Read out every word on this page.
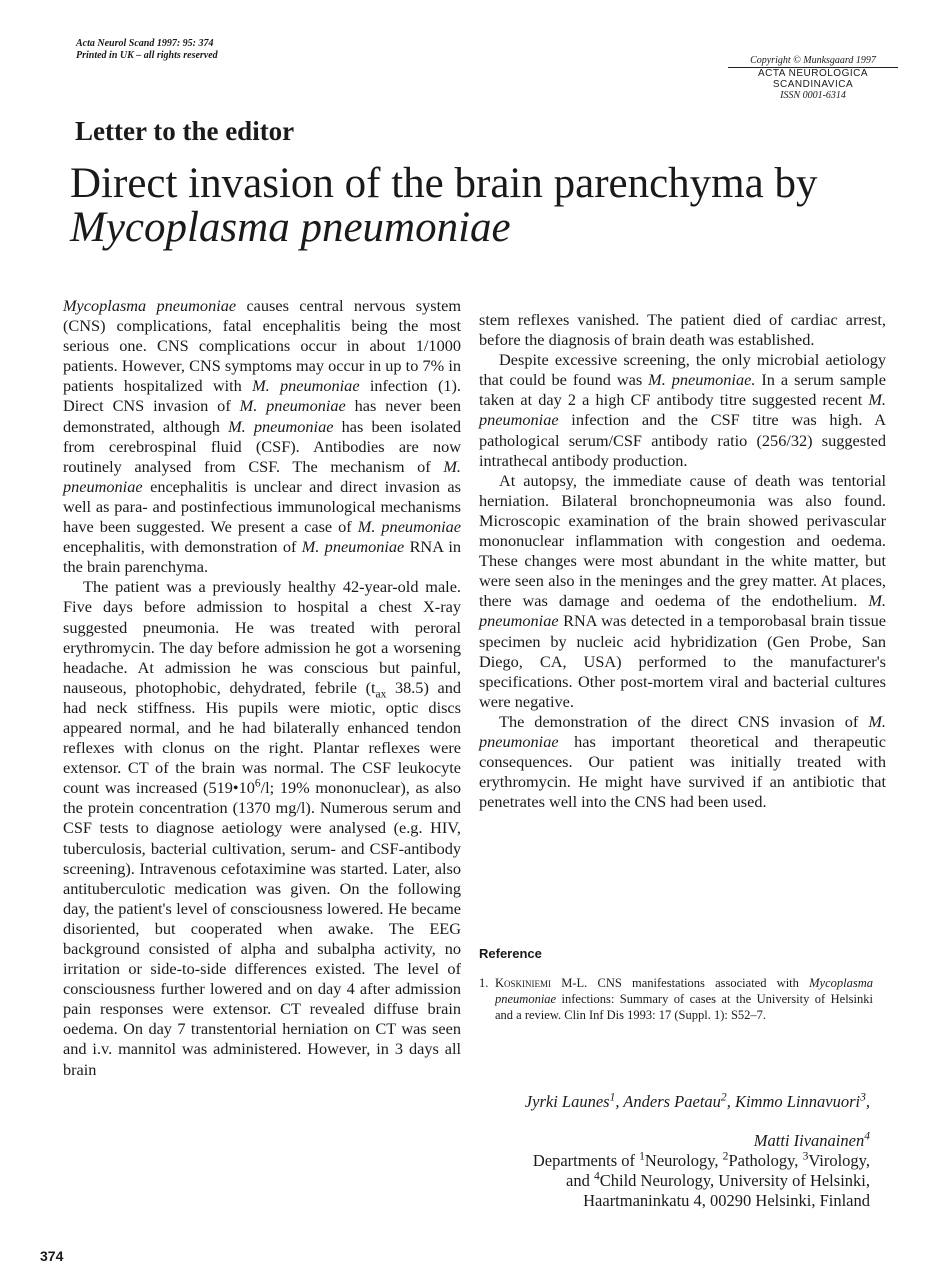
Acta Neurol Scand 1997: 95: 374
Printed in UK – all rights reserved	Copyright © Munksgaard 1997
ACTA NEUROLOGICA
SCANDINAVICA
ISSN 0001-6314
Letter to the editor
Direct invasion of the brain parenchyma by
Mycoplasma pneumoniae

Mycoplasma pneumoniae causes central nervous system (CNS) complications, fatal encephalitis being the most serious one. CNS complications occur in about 1/1000 patients. However, CNS symptoms may occur in up to 7% in patients hospitalized with M. pneumoniae infection (1). Direct CNS invasion of M. pneumoniae has never been demonstrated, although M. pneumoniae has been isolated from cerebrospinal fluid (CSF). Antibodies are now routinely analysed from CSF. The mechanism of M. pneumoniae encephalitis is unclear and direct invasion as well as para- and postinfectious immunological mechanisms have been suggested. We present a case of M. pneumoniae encephalitis, with demonstration of M. pneumoniae RNA in the brain parenchyma.

The patient was a previously healthy 42-year-old male. Five days before admission to hospital a chest X-ray suggested pneumonia. He was treated with peroral erythromycin. The day before admission he got a worsening headache. At admission he was conscious but painful, nauseous, photophobic, dehydrated, febrile ($t_{ax}$ 38.5) and had neck stiffness. His pupils were miotic, optic discs appeared normal, and he had bilaterally enhanced tendon reflexes with clonus on the right. Plantar reflexes were extensor. CT of the brain was normal. The CSF leukocyte count was increased ($519•10^6/l$; 19% mononuclear), as also the protein concentration (1370 mg/l). Numerous serum and CSF tests to diagnose aetiology were analysed (e.g. HIV, tuberculosis, bacterial cultivation, serum- and CSF-antibody screening). Intravenous cefotaximine was started. Later, also antituberculotic medication was given. On the following day, the patient's level of consciousness lowered. He became disoriented, but cooperated when awake. The EEG background consisted of alpha and subalpha activity, no irritation or side-to-side differences existed. The level of consciousness further lowered and on day 4 after admission pain responses were extensor. CT revealed diffuse brain oedema. On day 7 transtentorial herniation on CT was seen and i.v. mannitol was administered. However, in 3 days all brain

stem reflexes vanished. The patient died of cardiac arrest, before the diagnosis of brain death was established.

Despite excessive screening, the only microbial aetiology that could be found was M. pneumoniae. In a serum sample taken at day 2 a high CF antibody titre suggested recent M. pneumoniae infection and the CSF titre was high. A pathological serum/CSF antibody ratio (256/32) suggested intrathecal antibody production.

At autopsy, the immediate cause of death was tentorial herniation. Bilateral bronchopneumonia was also found. Microscopic examination of the brain showed perivascular mononuclear inflammation with congestion and oedema. These changes were most abundant in the white matter, but were seen also in the meninges and the grey matter. At places, there was damage and oedema of the endothelium. M. pneumoniae RNA was detected in a temporobasal brain tissue specimen by nucleic acid hybridization (Gen Probe, San Diego, CA, USA) performed to the manufacturer's specifications. Other post-mortem viral and bacterial cultures were negative.

The demonstration of the direct CNS invasion of M. pneumoniae has important theoretical and therapeutic consequences. Our patient was initially treated with erythromycin. He might have survived if an antibiotic that penetrates well into the CNS had been used.

Reference
1. Koskiniemi M-L. CNS manifestations associated with Mycoplasma pneumoniae infections: Summary of cases at the University of Helsinki and a review. Clin Inf Dis 1993: 17 (Suppl. 1): S52–7.
Jyrki Launes$^1$, Anders Paetau$^2$, Kimmo Linnavuori$^3$,
Matti Iivanainen$^4$
Departments of $^1$Neurology, $^2$Pathology, $^3$Virology,
and $^4$Child Neurology, University of Helsinki,
Haartmaninkatu 4, 00290 Helsinki, Finland
374
